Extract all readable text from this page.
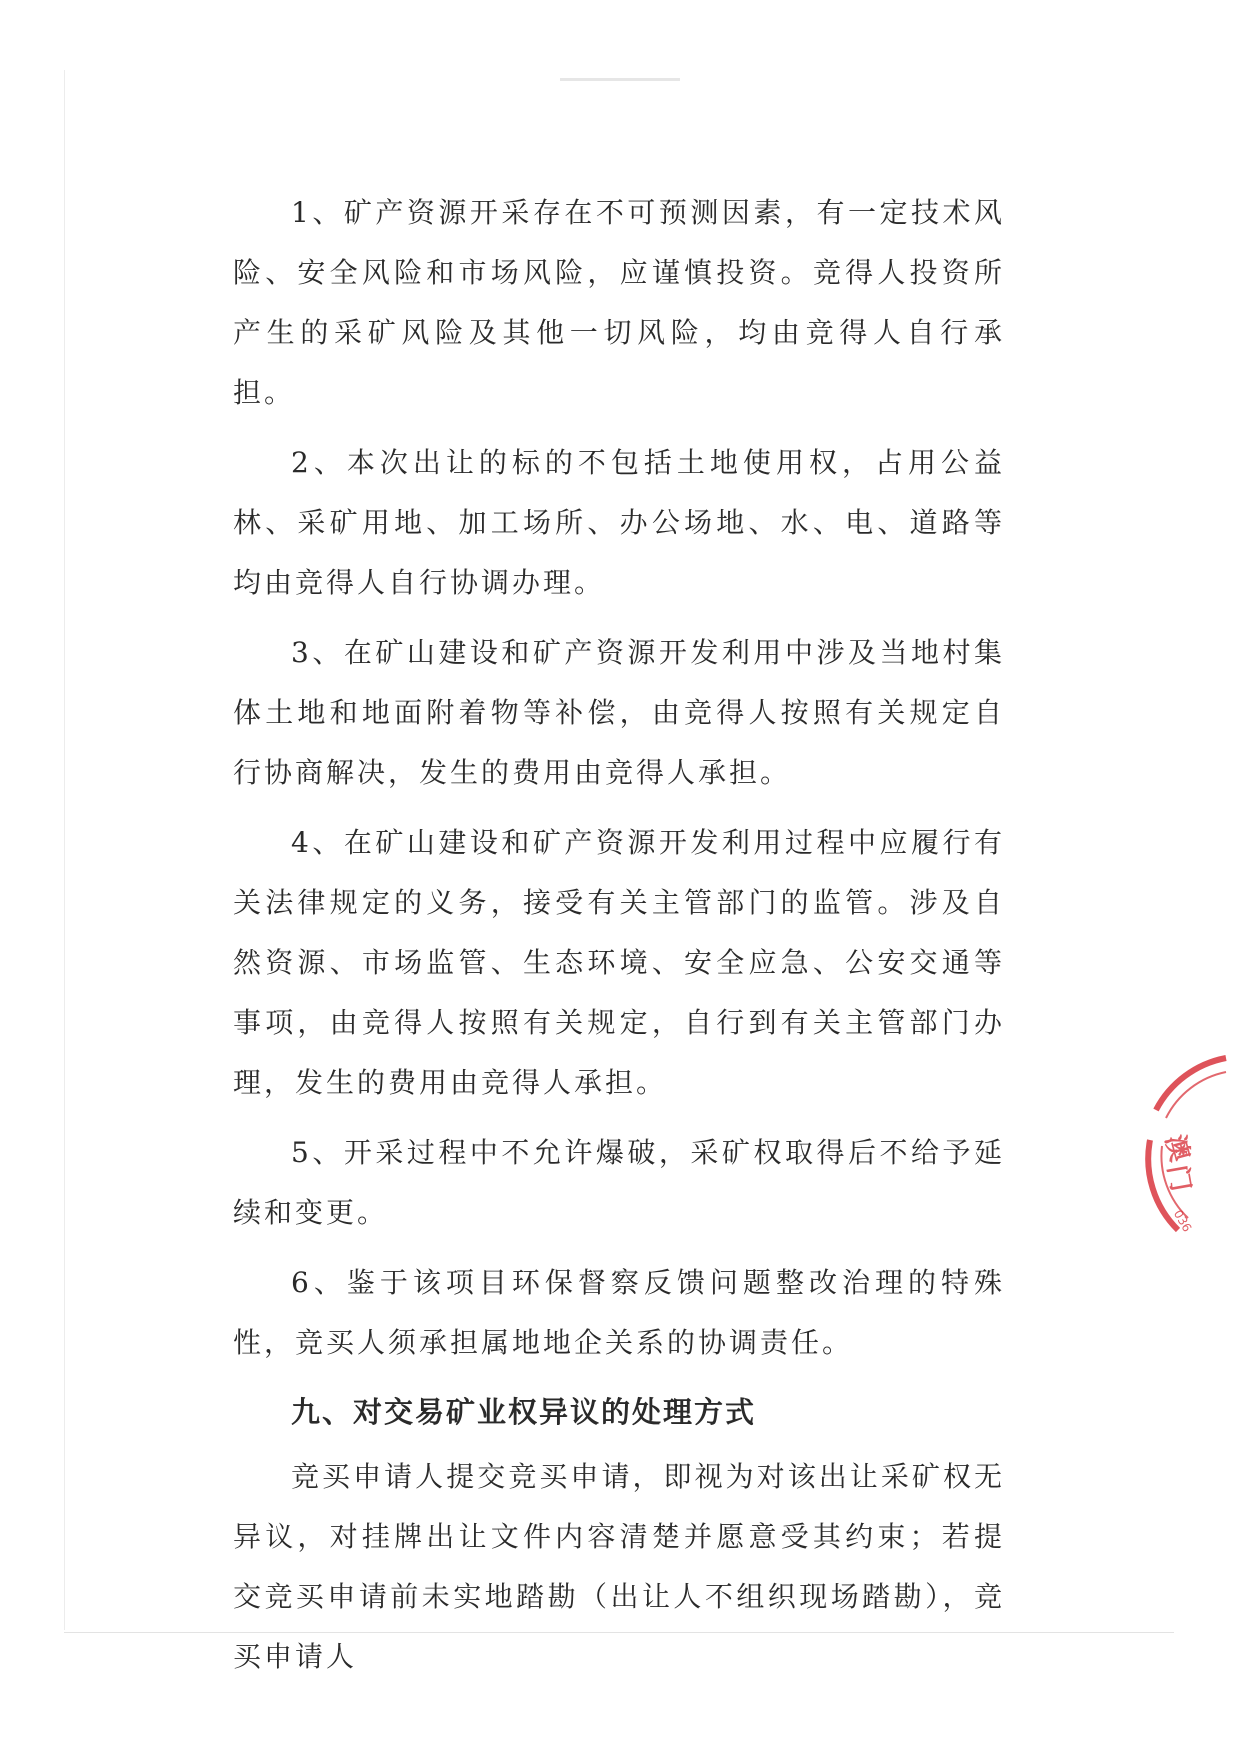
1、矿产资源开采存在不可预测因素，有一定技术风险、安全风险和市场风险，应谨慎投资。竞得人投资所产生的采矿风险及其他一切风险，均由竞得人自行承担。

2、本次出让的标的不包括土地使用权，占用公益林、采矿用地、加工场所、办公场地、水、电、道路等均由竞得人自行协调办理。

3、在矿山建设和矿产资源开发利用中涉及当地村集体土地和地面附着物等补偿，由竞得人按照有关规定自行协商解决，发生的费用由竞得人承担。

4、在矿山建设和矿产资源开发利用过程中应履行有关法律规定的义务，接受有关主管部门的监管。涉及自然资源、市场监管、生态环境、安全应急、公安交通等事项，由竞得人按照有关规定，自行到有关主管部门办理，发生的费用由竞得人承担。

5、开采过程中不允许爆破，采矿权取得后不给予延续和变更。

6、鉴于该项目环保督察反馈问题整改治理的特殊性，竞买人须承担属地地企关系的协调责任。

九、对交易矿业权异议的处理方式

竞买申请人提交竞买申请，即视为对该出让采矿权无异议，对挂牌出让文件内容清楚并愿意受其约束；若提交竞买申请前未实地踏勘（出让人不组织现场踏勘），竞买申请人

澳
门
036
